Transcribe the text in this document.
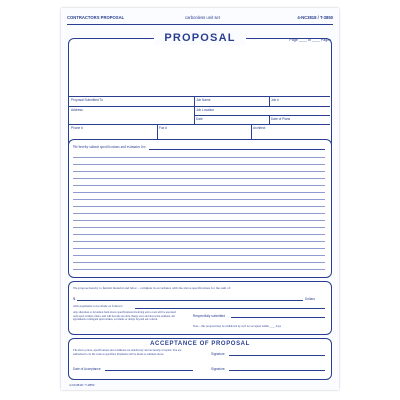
CONTRACTORS PROPOSAL	carbonless unit set	4-NC3818 / T-3850
PROPOSAL	Page ____ of ____ Pages
Proposal Submitted To	Job Name	Job #
Address	Job Location
Date	Date of Plans
Phone #	Fax #	Architect
We hereby submit specifications and estimates for:
We propose hereby to furnish material and labor – complete in accordance with the above specifications for the sum of:
$	Dollars
with payments to be made as follows:
Any alteration or deviation from above specifications involving extra costs will be executed only upon written orders, and will become an extra charge over and above the estimate. All agreements contingent upon strikes, accidents or delays beyond our control.
Respectfully submitted
Note – this proposal may be withdrawn by us if not accepted within ____ days
ACCEPTANCE OF PROPOSAL
The above prices, specifications and conditions are satisfactory and are hereby accepted. You are authorized to do the work as specified. Payments will be made as outlined above.	Signature
Date of Acceptance	Signature
4-NC3818 / T-3850
